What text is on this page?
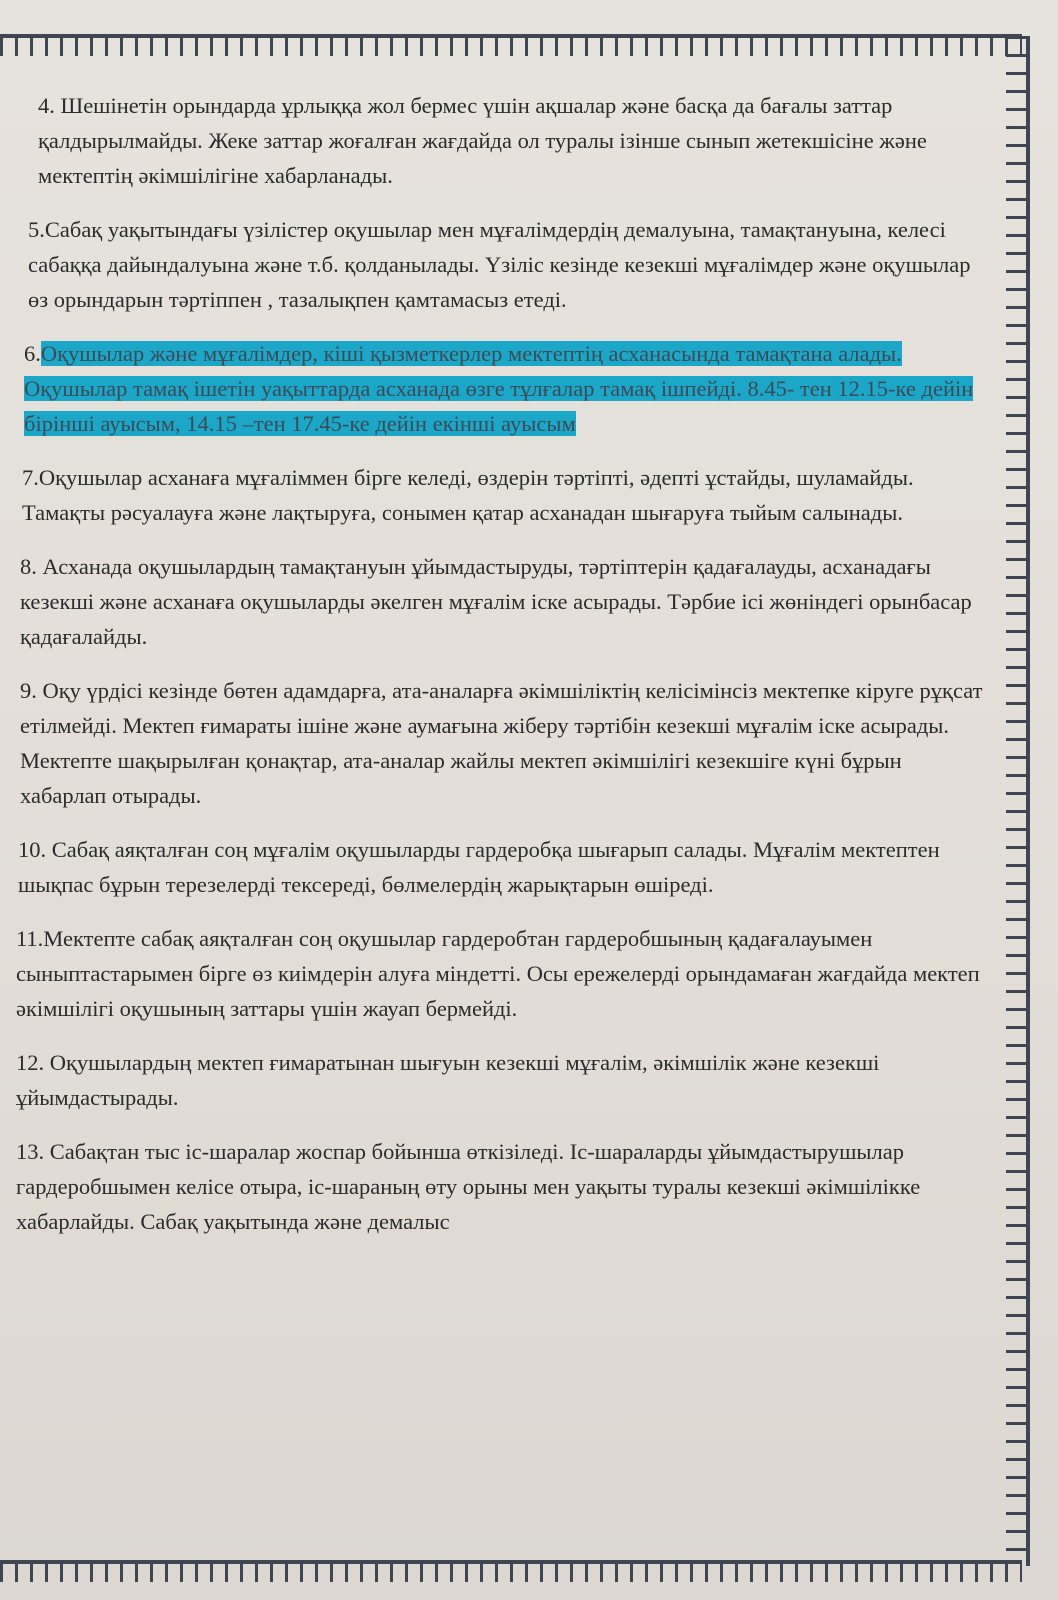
4. Шешінетін орындарда ұрлыққа жол бермес үшін ақшалар және басқа да бағалы заттар қалдырылмайды. Жеке заттар жоғалған жағдайда ол туралы ізінше сынып жетекшісіне және мектептің әкімшілігіне хабарланады.

5.Сабақ уақытындағы үзілістер оқушылар мен мұғалімдердің демалуына, тамақтануына, келесі сабаққа дайындалуына және т.б. қолданылады. Үзіліс кезінде кезекші мұғалімдер және оқушылар өз орындарын тәртіппен , тазалықпен қамтамасыз етеді.

6.Оқушылар және мұғалімдер, кіші қызметкерлер мектептің асханасында тамақтана алады. Оқушылар тамақ ішетін уақыттарда асханада өзге тұлғалар тамақ ішпейді. 8.45- тен 12.15-ке дейін бірінші ауысым, 14.15 –тен 17.45-ке дейін екінші ауысым

7.Оқушылар асханаға мұғаліммен бірге келеді, өздерін тәртіпті, әдепті ұстайды, шуламайды. Тамақты рәсуалауға және лақтыруға, сонымен қатар асханадан шығаруға тыйым салынады.

8. Асханада оқушылардың тамақтануын ұйымдастыруды, тәртіптерін қадағалауды, асханадағы кезекші және асханаға оқушыларды әкелген мұғалім іске асырады. Тәрбие ісі жөніндегі орынбасар қадағалайды.

9. Оқу үрдісі кезінде бөтен адамдарға, ата-аналарға әкімшіліктің келісімінсіз мектепке кіруге рұқсат етілмейді. Мектеп ғимараты ішіне және аумағына жіберу тәртібін кезекші мұғалім іске асырады. Мектепте шақырылған қонақтар, ата-аналар жайлы мектеп әкімшілігі кезекшіге күні бұрын хабарлап отырады.

10. Сабақ аяқталған соң мұғалім оқушыларды гардеробқа шығарып салады. Мұғалім мектептен шықпас бұрын терезелерді тексереді, бөлмелердің жарықтарын өшіреді.

11.Мектепте сабақ аяқталған соң оқушылар гардеробтан гардеробшының қадағалауымен сыныптастарымен бірге өз киімдерін алуға міндетті. Осы ережелерді орындамаған жағдайда мектеп әкімшілігі оқушының заттары үшін жауап бермейді.

12. Оқушылардың мектеп ғимаратынан шығуын кезекші мұғалім, әкімшілік және кезекші ұйымдастырады.

13. Сабақтан тыс іс-шаралар жоспар бойынша өткізіледі. Іс-шараларды ұйымдастырушылар гардеробшымен келісе отыра, іс-шараның өту орыны мен уақыты туралы кезекші әкімшілікке хабарлайды. Сабақ уақытында және демалыс
